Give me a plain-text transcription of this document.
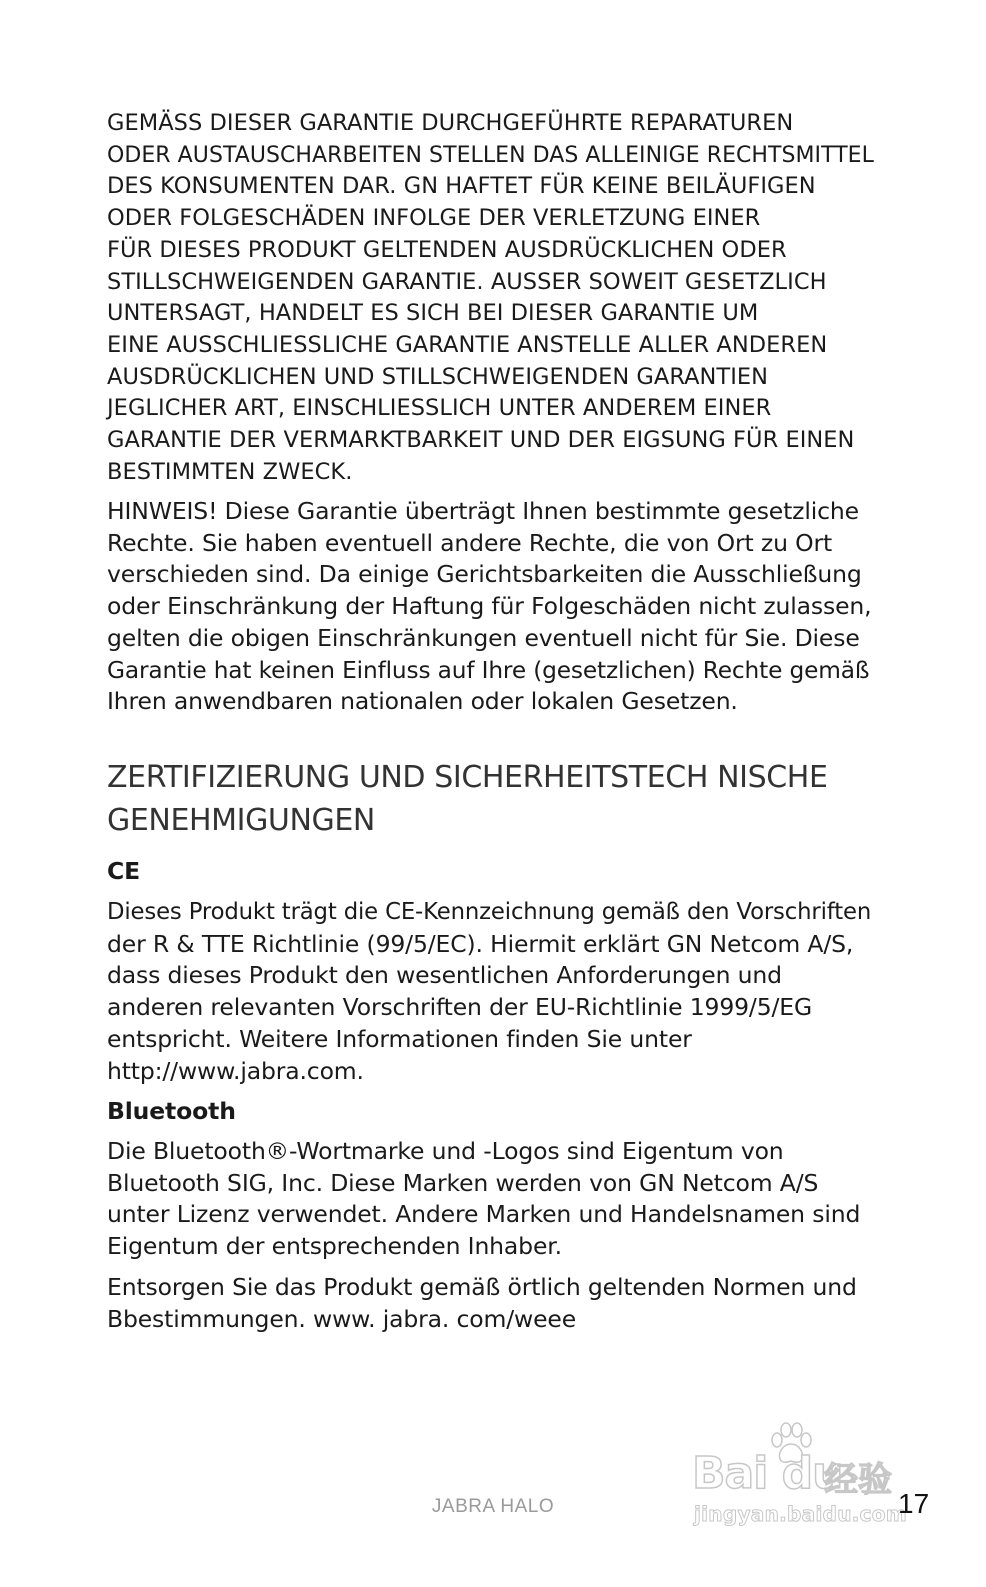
GEMÄSS DIESER GARANTIE DURCHGEFÜHRTE REPARATUREN
ODER AUSTAUSCHARBEITEN STELLEN DAS ALLEINIGE RECHTSMITTEL
DES KONSUMENTEN DAR. GN HAFTET FÜR KEINE BEILÄUFIGEN
ODER FOLGESCHÄDEN INFOLGE DER VERLETZUNG EINER
FÜR DIESES PRODUKT GELTENDEN AUSDRÜCKLICHEN ODER
STILLSCHWEIGENDEN GARANTIE. AUSSER SOWEIT GESETZLICH
UNTERSAGT, HANDELT ES SICH BEI DIESER GARANTIE UM
EINE AUSSCHLIESSLICHE GARANTIE ANSTELLE ALLER ANDEREN
AUSDRÜCKLICHEN UND STILLSCHWEIGENDEN GARANTIEN
JEGLICHER ART, EINSCHLIESSLICH UNTER ANDEREM EINER
GARANTIE DER VERMARKTBARKEIT UND DER EIGSUNG FÜR EINEN
BESTIMMTEN ZWECK.
HINWEIS! Diese Garantie überträgt Ihnen bestimmte gesetzliche
Rechte. Sie haben eventuell andere Rechte, die von Ort zu Ort
verschieden sind. Da einige Gerichtsbarkeiten die Ausschließung
oder Einschränkung der Haftung für Folgeschäden nicht zulassen,
gelten die obigen Einschränkungen eventuell nicht für Sie. Diese
Garantie hat keinen Einfluss auf Ihre (gesetzlichen) Rechte gemäß
Ihren anwendbaren nationalen oder lokalen Gesetzen.
ZERTIFIZIERUNG UND SICHERHEITSTECH NISCHE
GENEHMIGUNGEN
CE
Dieses Produkt trägt die CE-Kennzeichnung gemäß den Vorschriften
der R & TTE Richtlinie (99/5/EC). Hiermit erklärt GN Netcom A/S,
dass dieses Produkt den wesentlichen Anforderungen und
anderen relevanten Vorschriften der EU-Richtlinie 1999/5/EG
entspricht. Weitere Informationen finden Sie unter
http://www.jabra.com.
Bluetooth
Die Bluetooth®-Wortmarke und -Logos sind Eigentum von
Bluetooth SIG, Inc. Diese Marken werden von GN Netcom A/S
unter Lizenz verwendet. Andere Marken und Handelsnamen sind
Eigentum der entsprechenden Inhaber.
Entsorgen Sie das Produkt gemäß örtlich geltenden Normen und
Bbestimmungen. www. jabra. com/weee
Bai du
经验
jingyan.baidu.com
JABRA HALO	17
